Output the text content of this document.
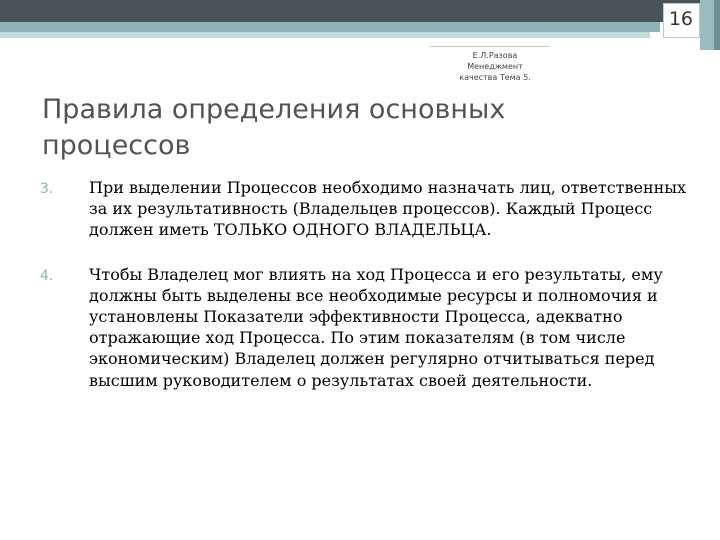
16
Е.Л.Разова
Менеджмент
качества Тема 5.
Правила определения основных процессов
3. При выделении Процессов необходимо назначать лиц, ответственных за их результативность (Владельцев процессов). Каждый Процесс должен иметь ТОЛЬКО ОДНОГО ВЛАДЕЛЬЦА.
4. Чтобы Владелец мог влиять на ход Процесса и его результаты, ему должны быть выделены все необходимые ресурсы и полномочия и установлены Показатели эффективности Процесса, адекватно отражающие ход Процесса. По этим показателям (в том числе экономическим) Владелец должен регулярно отчитываться перед высшим руководителем о результатах своей деятельности.
